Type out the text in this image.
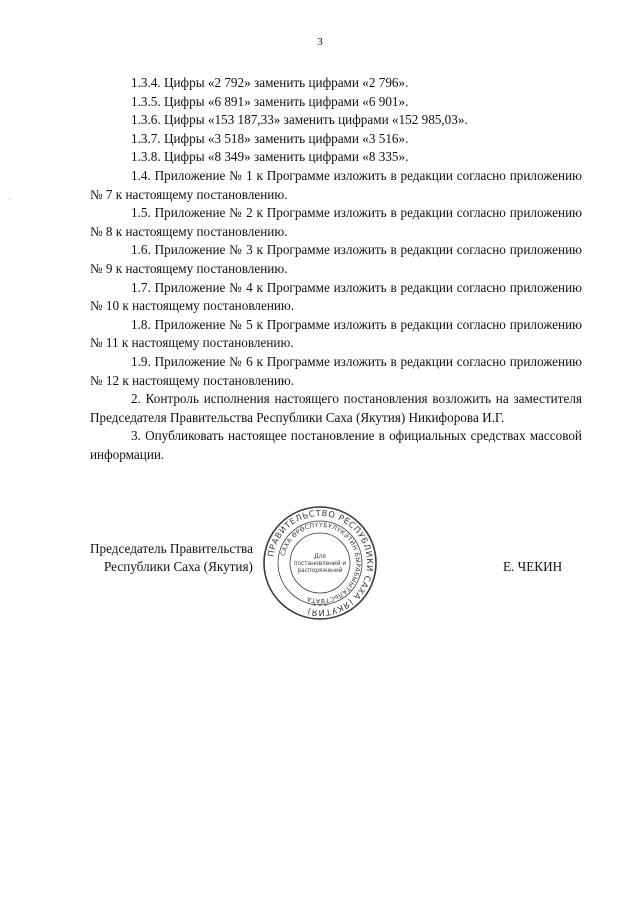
3
·

1.3.4. Цифры «2 792» заменить цифрами «2 796».

1.3.5. Цифры «6 891» заменить цифрами «6 901».

1.3.6. Цифры «153 187,33» заменить цифрами «152 985,03».

1.3.7. Цифры «3 518» заменить цифрами «3 516».

1.3.8. Цифры «8 349» заменить цифрами «8 335».

1.4. Приложение № 1 к Программе изложить в редакции согласно приложению № 7 к настоящему постановлению.

1.5. Приложение № 2 к Программе изложить в редакции согласно приложению № 8 к настоящему постановлению.

1.6. Приложение № 3 к Программе изложить в редакции согласно приложению № 9 к настоящему постановлению.

1.7. Приложение № 4 к Программе изложить в редакции согласно приложению № 10 к настоящему постановлению.

1.8. Приложение № 5 к Программе изложить в редакции согласно приложению № 11 к настоящему постановлению.

1.9. Приложение № 6 к Программе изложить в редакции согласно приложению № 12 к настоящему постановлению.

2. Контроль исполнения настоящего постановления возложить на заместителя Председателя Правительства Республики Саха (Якутия) Никифорова И.Г.

3. Опубликовать настоящее постановление в официальных средствах массовой информации.

Председатель Правительства
Республики Саха (Якутия)	Е. ЧЕКИН
ПРАВИТЕЛЬСТВО РЕСПУБЛИКИ САХА (ЯКУТИЯ)
САХА ӨРӨСПҮҮБҮЛҮКЭТИН БЫРАБЫЫТАЛЬСТВАТА
Для
постановлений и
распоряжений
* * *
